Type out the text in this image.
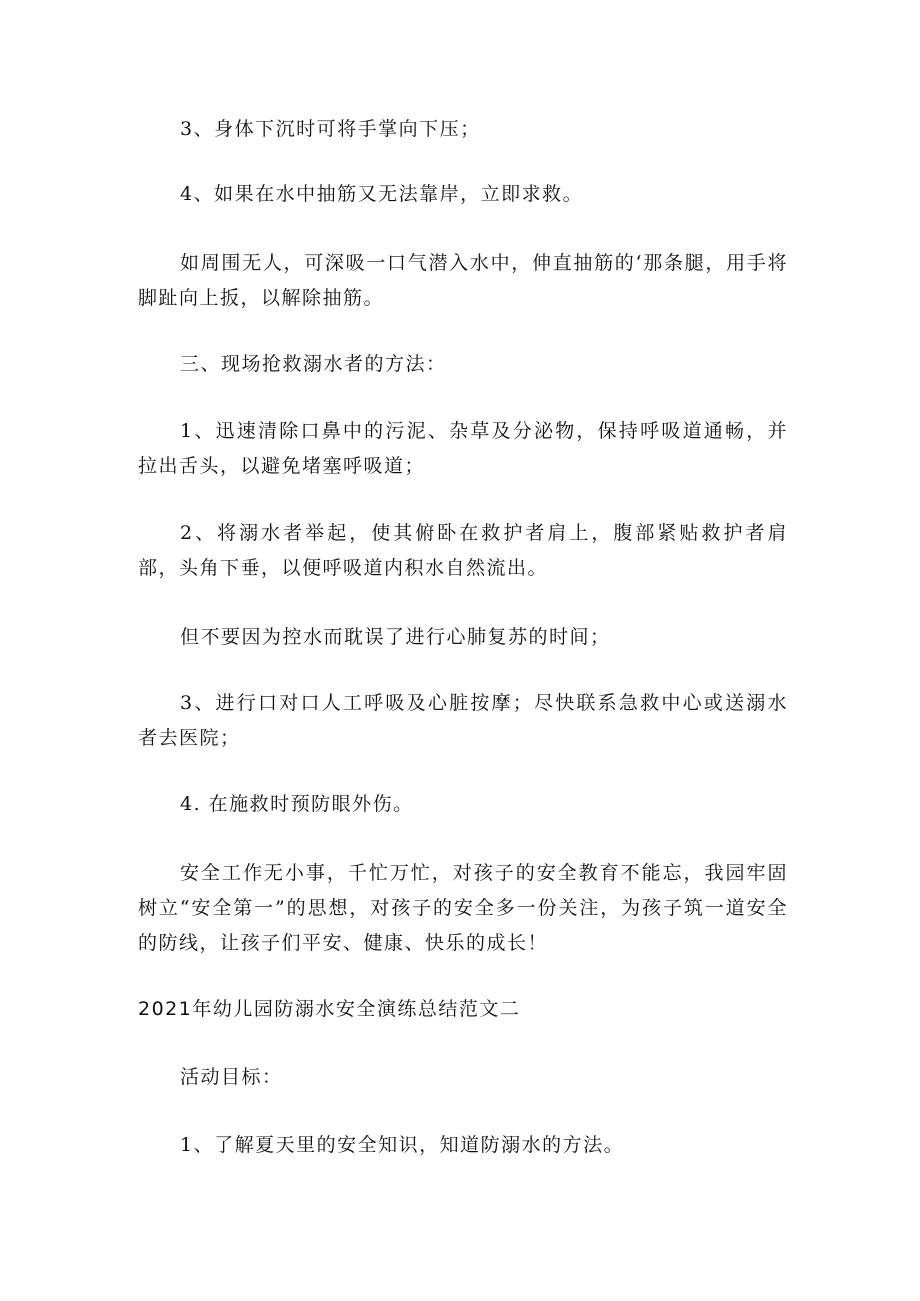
3、身体下沉时可将手掌向下压；

4、如果在水中抽筋又无法靠岸，立即求救。

如周围无人，可深吸一口气潜入水中，伸直抽筋的‘那条腿，用手将脚趾向上扳，以解除抽筋。

三、现场抢救溺水者的方法：

1、迅速清除口鼻中的污泥、杂草及分泌物，保持呼吸道通畅，并拉出舌头，以避免堵塞呼吸道；

2、将溺水者举起，使其俯卧在救护者肩上，腹部紧贴救护者肩部，头角下垂，以便呼吸道内积水自然流出。

但不要因为控水而耽误了进行心肺复苏的时间；

3、进行口对口人工呼吸及心脏按摩；尽快联系急救中心或送溺水者去医院；

4. 在施救时预防眼外伤。

安全工作无小事，千忙万忙，对孩子的安全教育不能忘，我园牢固树立“安全第一”的思想，对孩子的安全多一份关注，为孩子筑一道安全的防线，让孩子们平安、健康、快乐的成长！

2021年幼儿园防溺水安全演练总结范文二

活动目标：

1、了解夏天里的安全知识，知道防溺水的方法。
